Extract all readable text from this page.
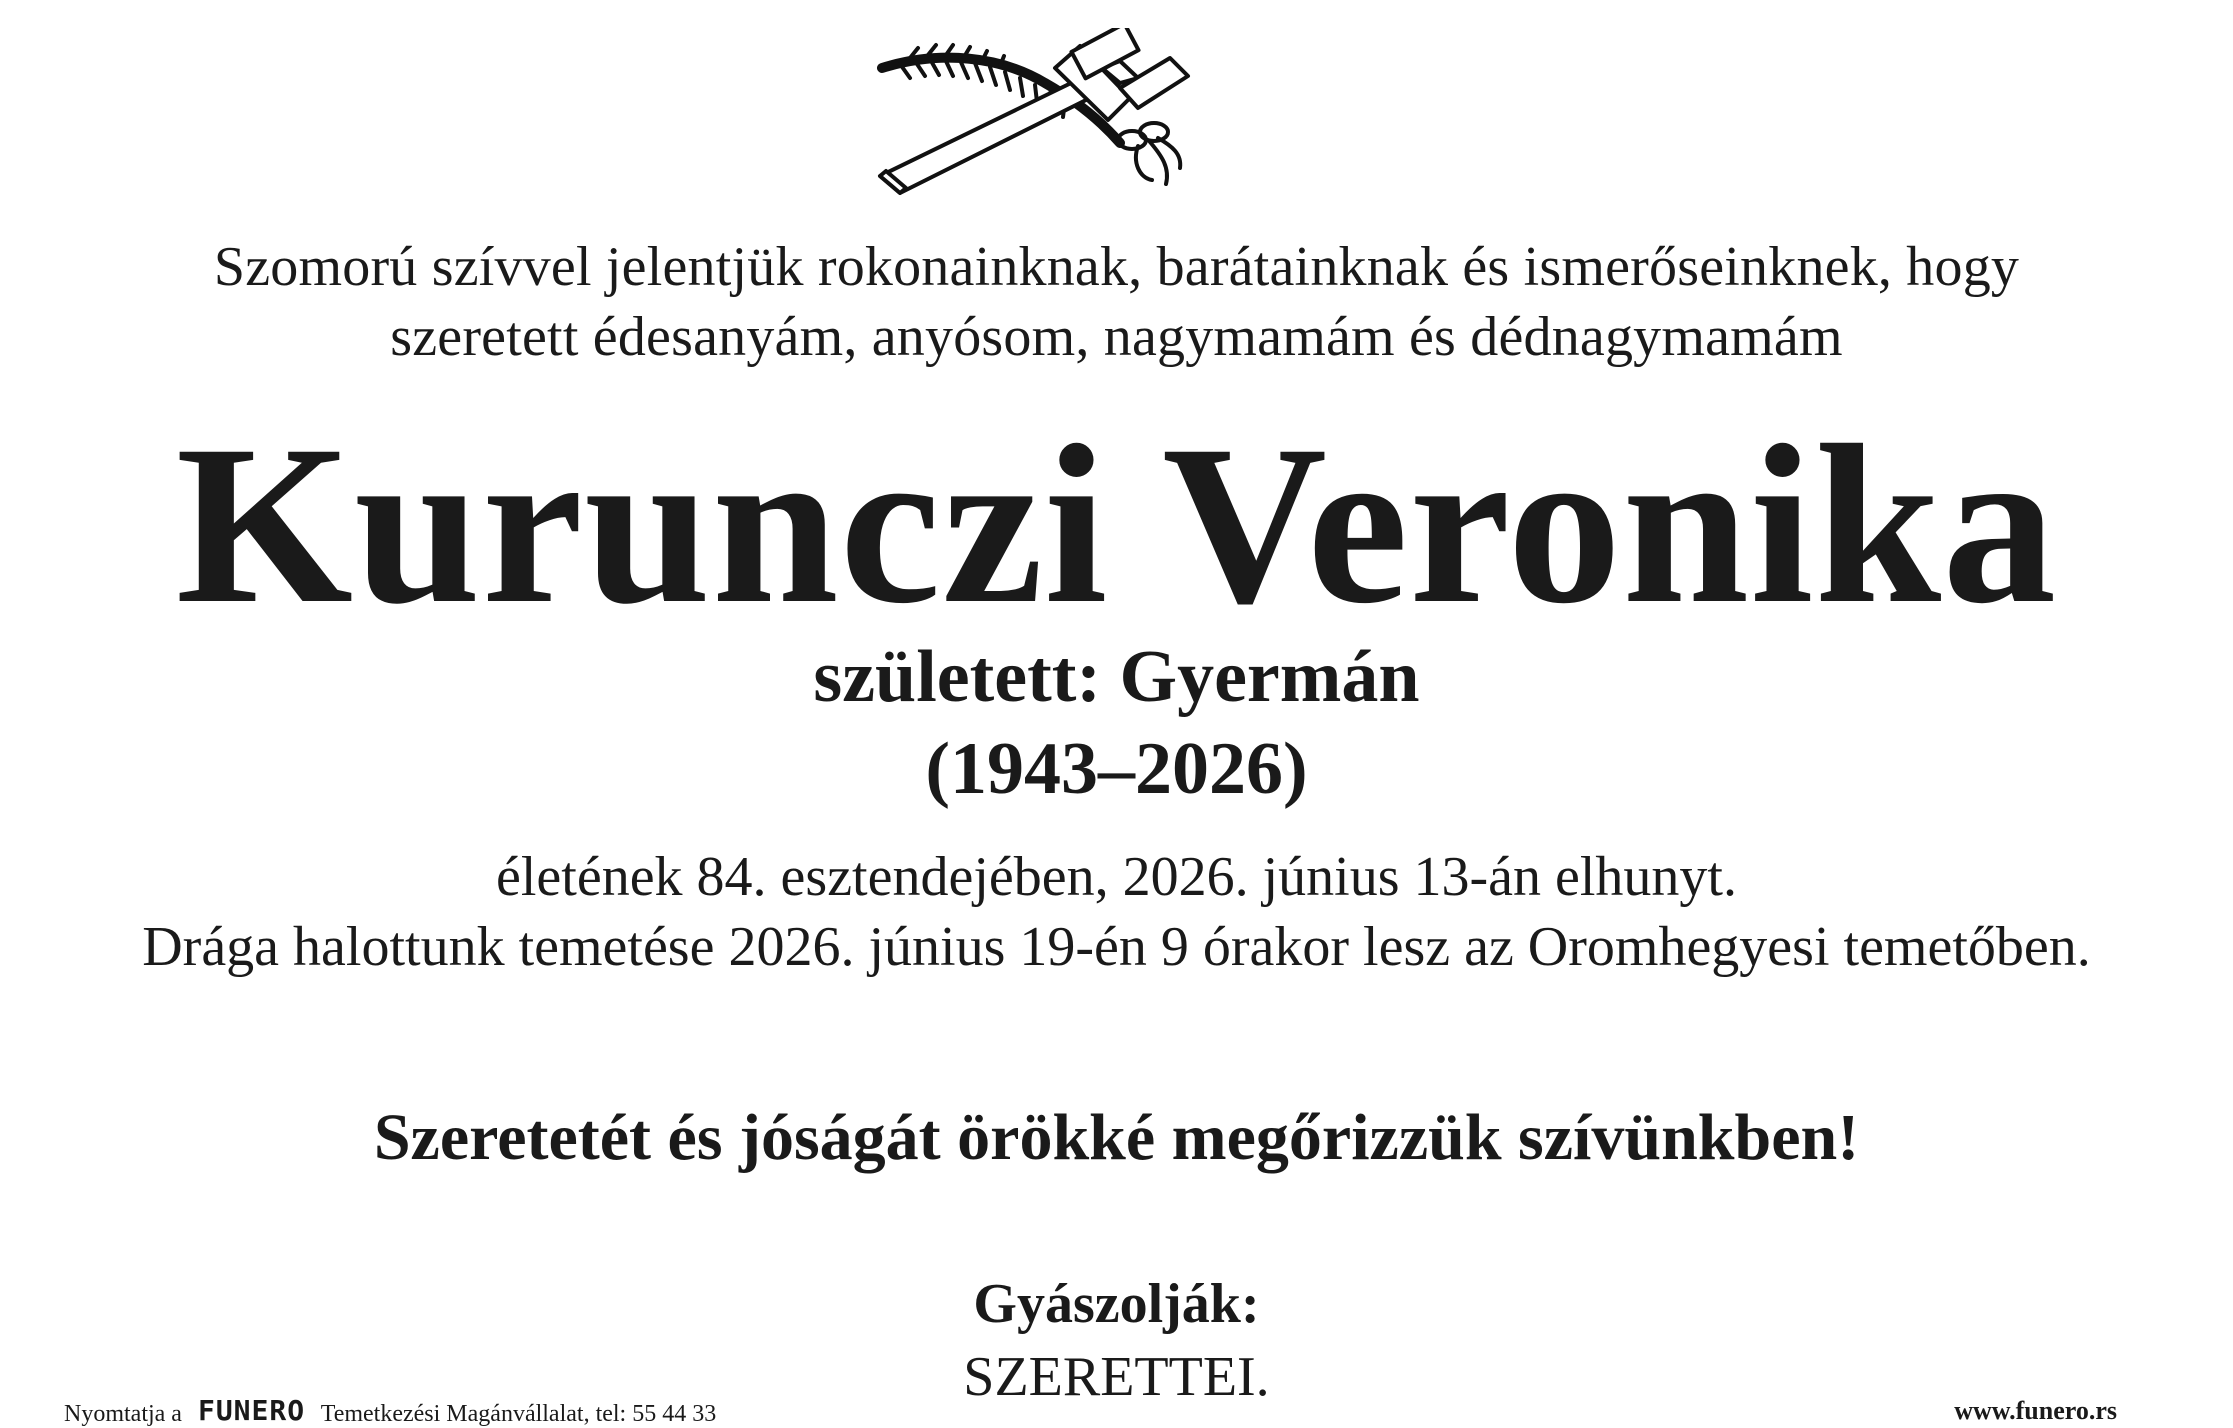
Szomorú szívvel jelentjük rokonainknak, barátainknak és ismerőseinknek, hogy
szeretett édesanyám, anyósom, nagymamám és dédnagymamám
Kurunczi Veronika
született: Gyermán
(1943–2026)
életének 84. esztendejében, 2026. június 13-án elhunyt.
Drága halottunk temetése 2026. június 19-én 9 órakor lesz az Oromhegyesi temetőben.
Szeretetét és jóságát örökké megőrizzük szívünkben!
Gyászolják:
SZERETTEI.
Nyomtatja a FUNERO Temetkezési Magánvállalat, tel: 55 44 33	www.funero.rs
